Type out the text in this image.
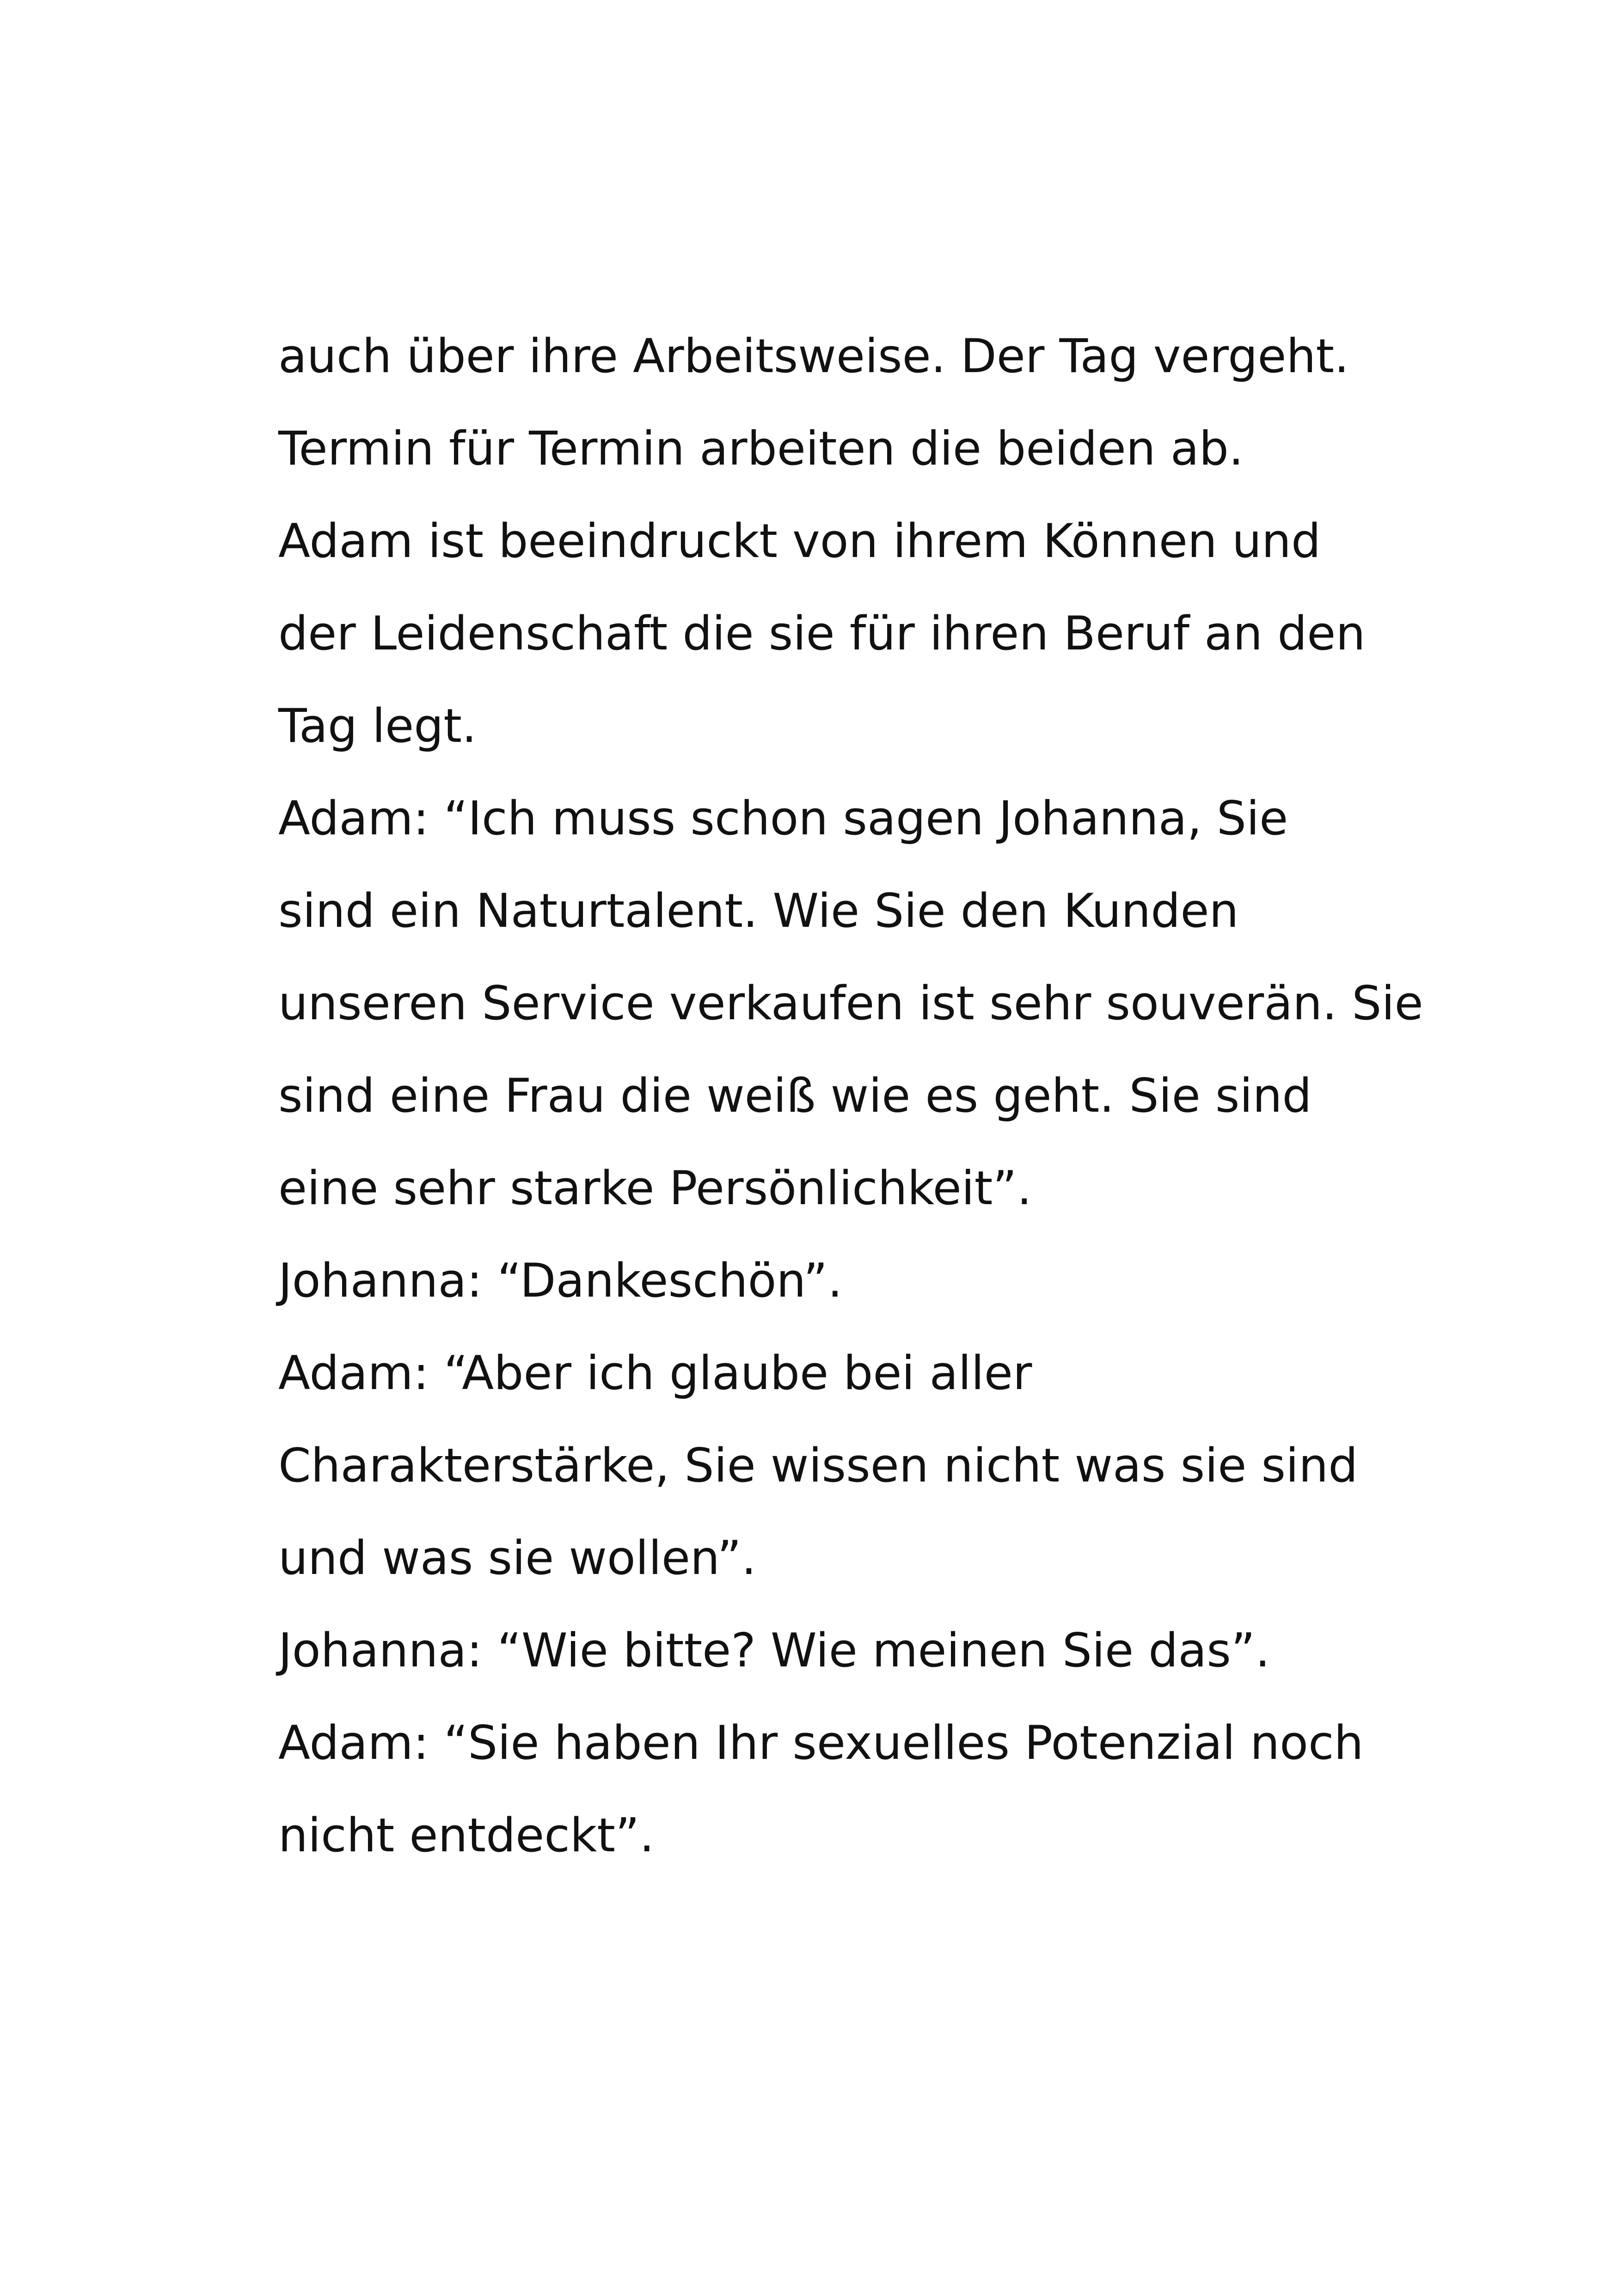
auch über ihre Arbeitsweise. Der Tag vergeht.
Termin für Termin arbeiten die beiden ab.
Adam ist beeindruckt von ihrem Können und
der Leidenschaft die sie für ihren Beruf an den
Tag legt.
Adam: “Ich muss schon sagen Johanna, Sie
sind ein Naturtalent. Wie Sie den Kunden
unseren Service verkaufen ist sehr souverän. Sie
sind eine Frau die weiß wie es geht. Sie sind
eine sehr starke Persönlichkeit”.
Johanna: “Dankeschön”.
Adam: “Aber ich glaube bei aller
Charakterstärke, Sie wissen nicht was sie sind
und was sie wollen”.
Johanna: “Wie bitte? Wie meinen Sie das”.
Adam: “Sie haben Ihr sexuelles Potenzial noch
nicht entdeckt”.
